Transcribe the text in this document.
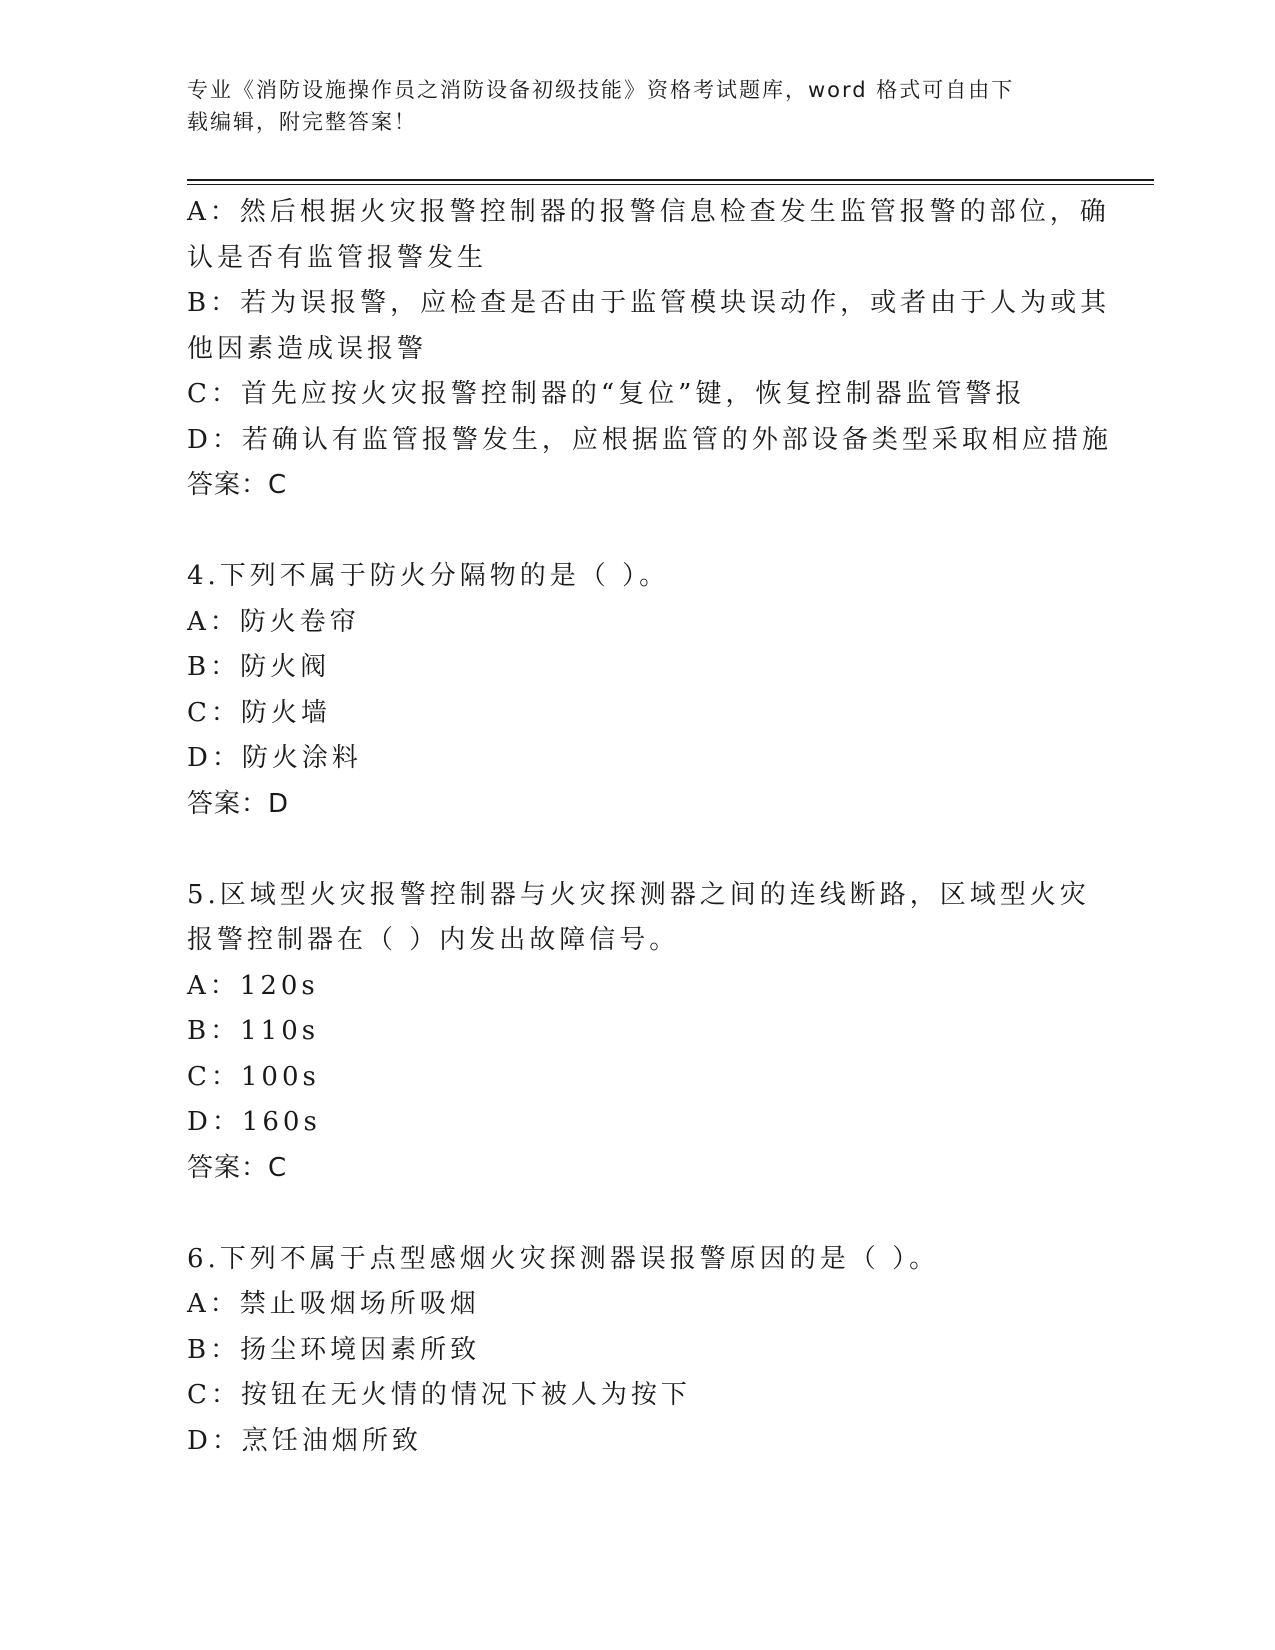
专业《消防设施操作员之消防设备初级技能》资格考试题库，word 格式可自由下
载编辑，附完整答案！
A：然后根据火灾报警控制器的报警信息检查发生监管报警的部位，确
认是否有监管报警发生
B：若为误报警，应检查是否由于监管模块误动作，或者由于人为或其
他因素造成误报警
C：首先应按火灾报警控制器的“复位”键，恢复控制器监管警报
D：若确认有监管报警发生，应根据监管的外部设备类型采取相应措施
答案：C
4.下列不属于防火分隔物的是（ ）。
A：防火卷帘
B：防火阀
C：防火墙
D：防火涂料
答案：D
5.区域型火灾报警控制器与火灾探测器之间的连线断路，区域型火灾
报警控制器在（ ）内发出故障信号。
A：120s
B：110s
C：100s
D：160s
答案：C
6.下列不属于点型感烟火灾探测器误报警原因的是（ ）。
A：禁止吸烟场所吸烟
B：扬尘环境因素所致
C：按钮在无火情的情况下被人为按下
D：烹饪油烟所致
